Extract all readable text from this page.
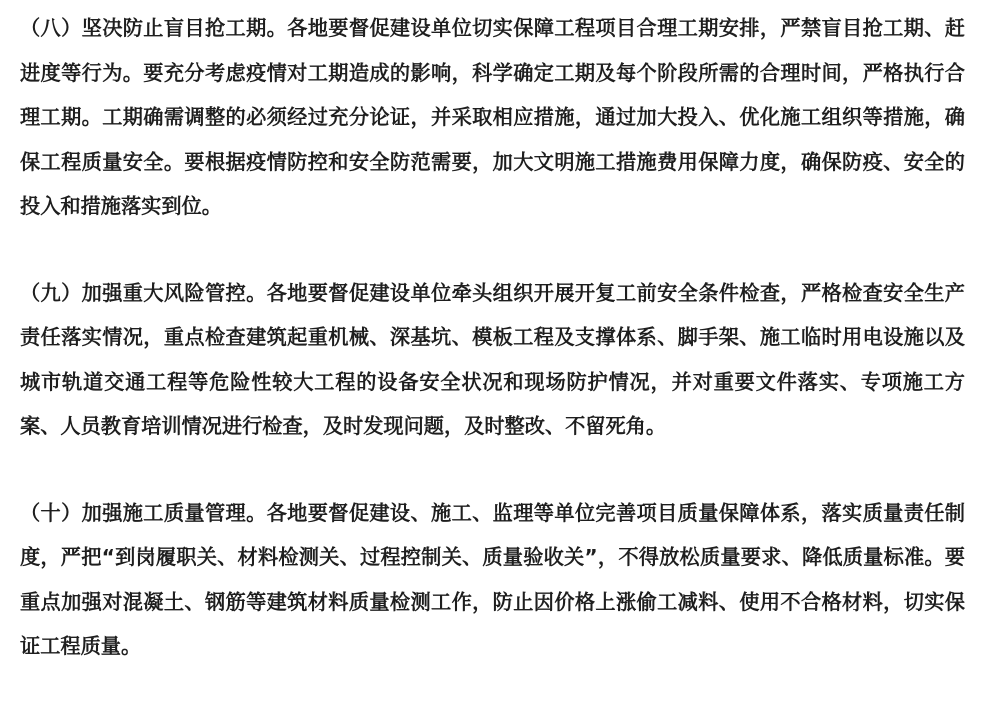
（八）坚决防止盲目抢工期。各地要督促建设单位切实保障工程项目合理工期安排，严禁盲目抢工期、赶进度等行为。要充分考虑疫情对工期造成的影响，科学确定工期及每个阶段所需的合理时间，严格执行合理工期。工期确需调整的必须经过充分论证，并采取相应措施，通过加大投入、优化施工组织等措施，确保工程质量安全。要根据疫情防控和安全防范需要，加大文明施工措施费用保障力度，确保防疫、安全的投入和措施落实到位。

（九）加强重大风险管控。各地要督促建设单位牵头组织开展开复工前安全条件检查，严格检查安全生产责任落实情况，重点检查建筑起重机械、深基坑、模板工程及支撑体系、脚手架、施工临时用电设施以及城市轨道交通工程等危险性较大工程的设备安全状况和现场防护情况，并对重要文件落实、专项施工方案、人员教育培训情况进行检查，及时发现问题，及时整改、不留死角。

（十）加强施工质量管理。各地要督促建设、施工、监理等单位完善项目质量保障体系，落实质量责任制度，严把“到岗履职关、材料检测关、过程控制关、质量验收关”，不得放松质量要求、降低质量标准。要重点加强对混凝土、钢筋等建筑材料质量检测工作，防止因价格上涨偷工减料、使用不合格材料，切实保证工程质量。
